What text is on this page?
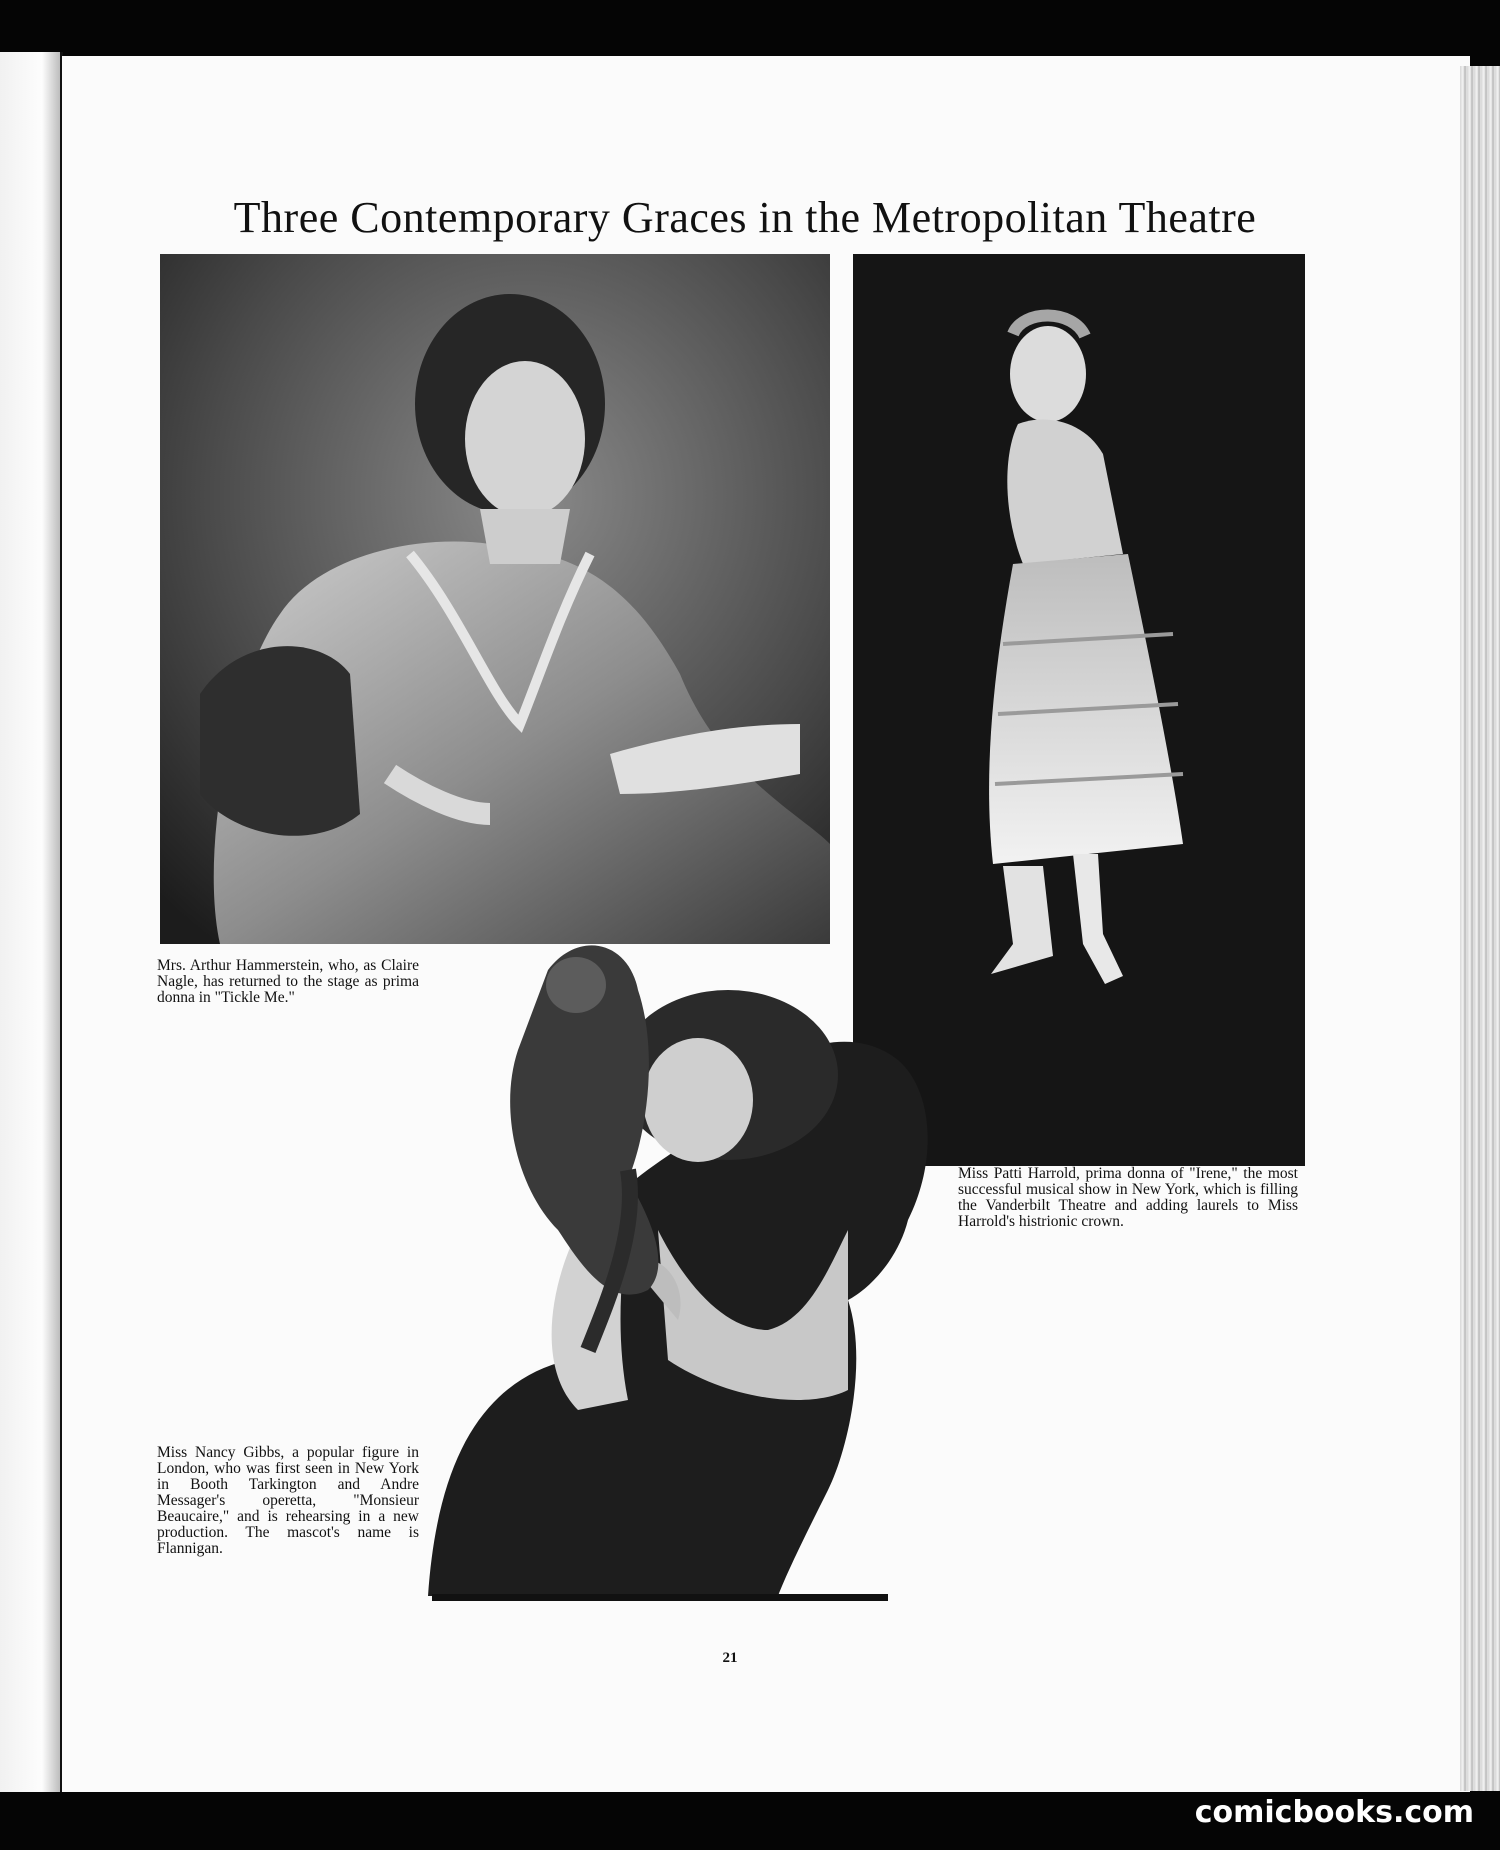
Three Contemporary Graces in the Metropolitan Theatre

Mrs. Arthur Hammerstein, who, as Claire Nagle, has returned to the stage as prima donna in "Tickle Me."

Miss Patti Harrold, prima donna of "Irene," the most successful musical show in New York, which is filling the Vanderbilt Theatre and adding laurels to Miss Harrold's histrionic crown.

Miss Nancy Gibbs, a popular figure in London, who was first seen in New York in Booth Tarkington and Andre Messager's operetta, "Monsieur Beaucaire," and is rehearsing in a new production. The mascot's name is Flannigan.

21
comicbooks.com
